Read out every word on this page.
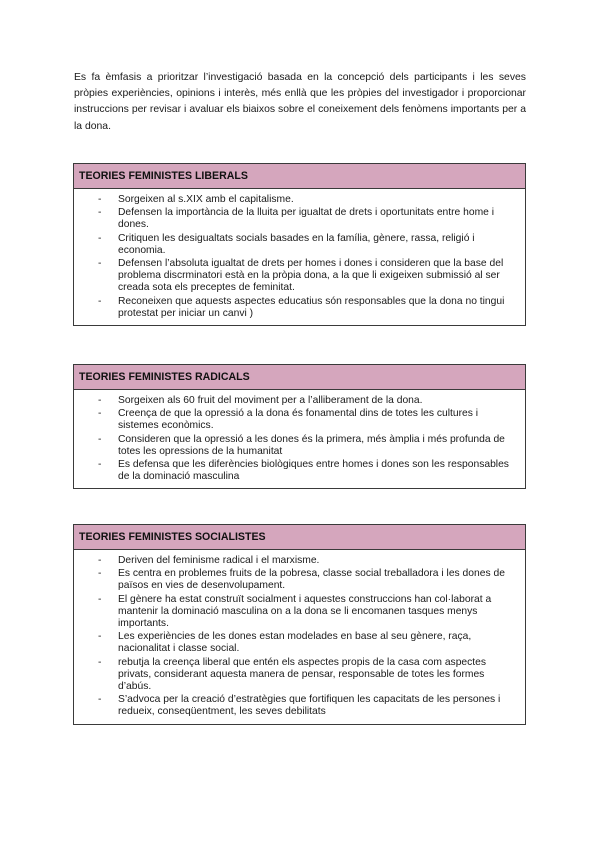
Es fa èmfasis a prioritzar l’investigació basada en la concepció dels participants i les seves pròpies experiències, opinions i interès, més enllà que les pròpies del investigador i proporcionar instruccions per revisar i avaluar els biaixos sobre el coneixement dels fenòmens importants per a la dona.

TEORIES FEMINISTES LIBERALS
- Sorgeixen al s.XIX amb el capitalisme.
- Defensen la importància de la lluita per igualtat de drets i oportunitats entre home i dones.
- Critiquen les desigualtats socials basades en la família, gènere, rassa, religió i economia.
- Defensen l’absoluta igualtat de drets per homes i dones i consideren que la base del problema discrminatori està en la pròpia dona, a la que li exigeixen submissió al ser creada sota els preceptes de feminitat.
- Reconeixen que aquests aspectes educatius són responsables que la dona no tingui protestat per iniciar un canvi )
TEORIES FEMINISTES RADICALS
- Sorgeixen als 60 fruit del moviment per a l’alliberament de la dona.
- Creença de que la opressió a la dona és fonamental dins de totes les cultures i sistemes econòmics.
- Consideren que la opressió a les dones és la primera, més àmplia i més profunda de totes les opressions de la humanitat
- Es defensa que les diferències biològiques entre homes i dones son les responsables de la dominació masculina
TEORIES FEMINISTES SOCIALISTES
- Deriven del feminisme radical i el marxisme.
- Es centra en problemes fruits de la pobresa, classe social treballadora i les dones de països en vies de desenvolupament.
- El gènere ha estat construït socialment i aquestes construccions han col·laborat a mantenir la dominació masculina on a la dona se li encomanen tasques menys importants.
- Les experiències de les dones estan modelades en base al seu gènere, raça, nacionalitat i classe social.
- rebutja la creença liberal que entén els aspectes propis de la casa com aspectes privats, considerant aquesta manera de pensar, responsable de totes les formes d’abús.
- S’advoca per la creació d’estratègies que fortifiquen les capacitats de les persones i redueix, conseqüentment, les seves debilitats
